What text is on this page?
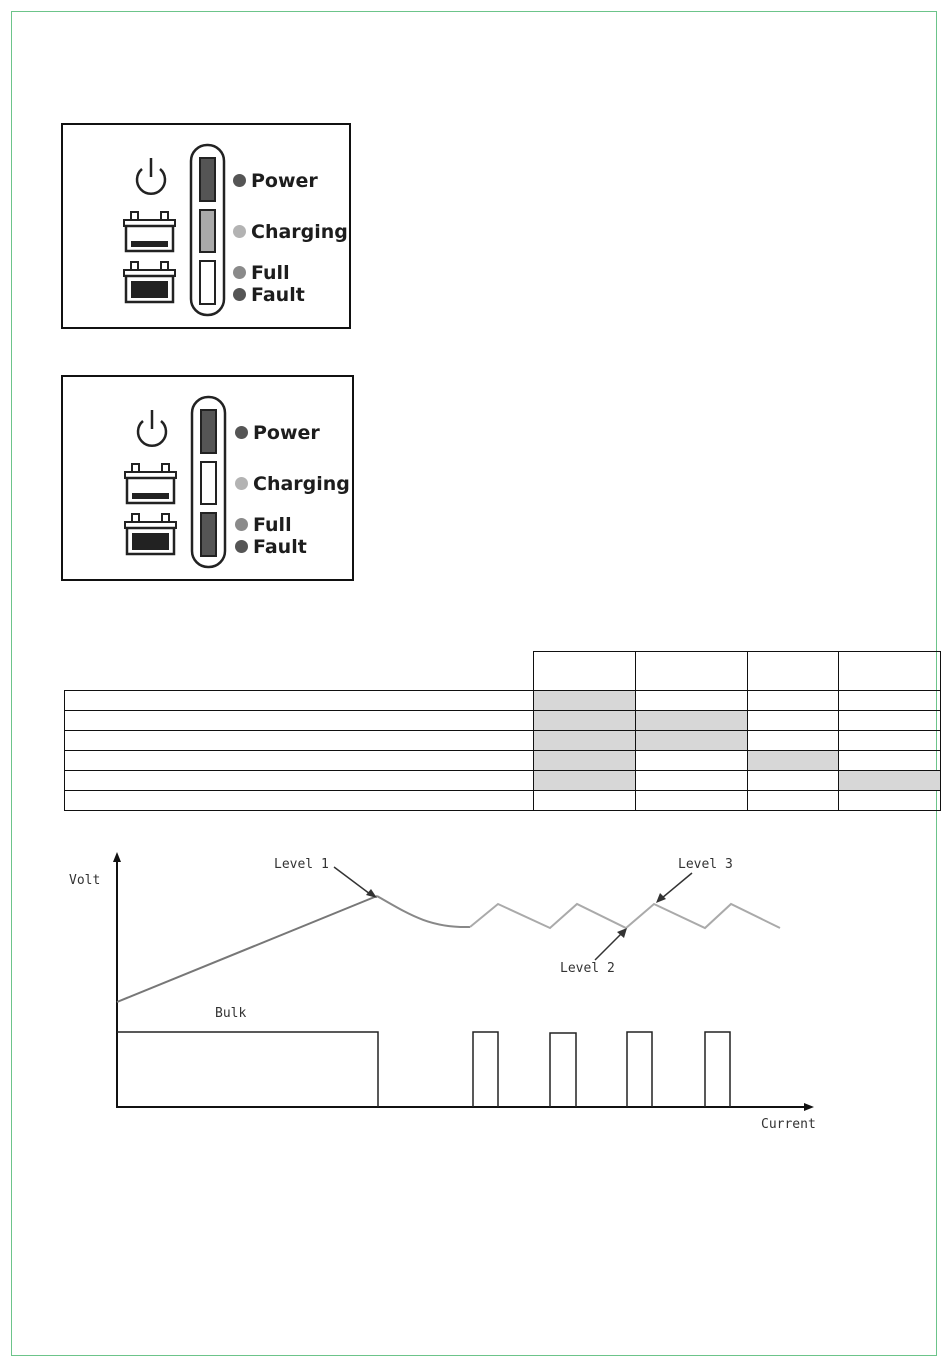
Power
Charging
Full
Fault
Power
Charging
Full
Fault

Volt
Current
Bulk
Level 1
Level 2
Level 3
